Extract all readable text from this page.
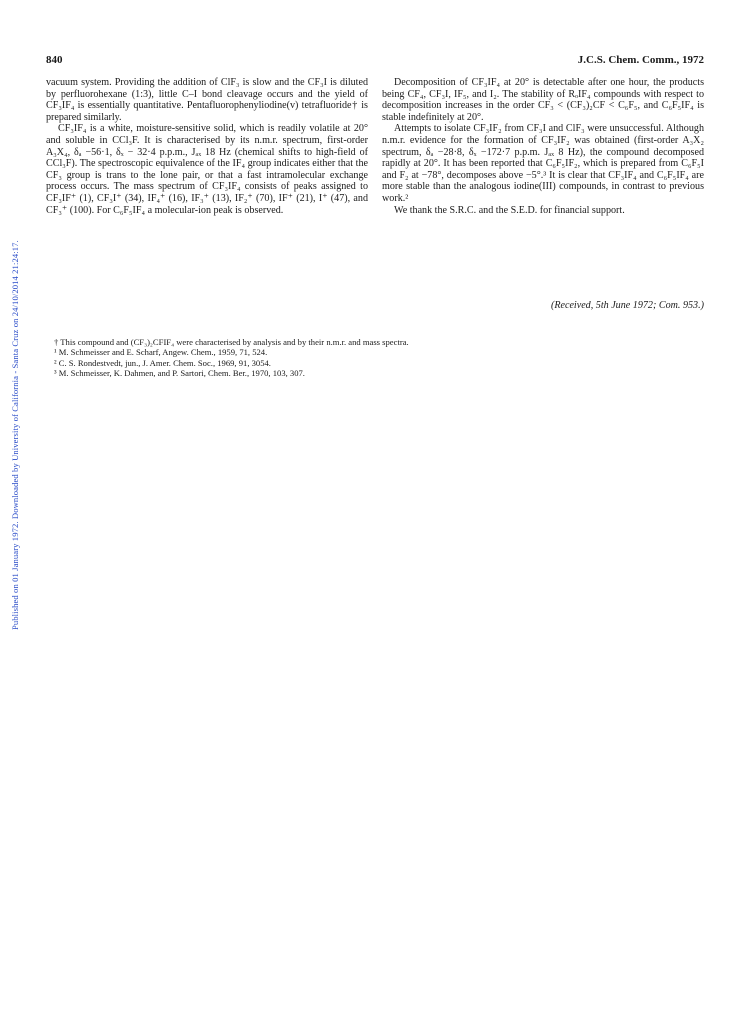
Published on 01 January 1972. Downloaded by University of California - Santa Cruz on 24/10/2014 21:24:17.
840	J.C.S. Chem. Comm., 1972

vacuum system. Providing the addition of ClF₃ is slow and the CF₃I is diluted by perfluorohexane (1:3), little C–I bond cleavage occurs and the yield of CF₃IF₄ is essentially quantitative. Pentafluorophenyliodine(v) tetrafluoride† is prepared similarly.

CF₃IF₄ is a white, moisture-sensitive solid, which is readily volatile at 20° and soluble in CCl₃F. It is characterised by its n.m.r. spectrum, first-order A₃X₄, δₐ −56·1, δₓ − 32·4 p.p.m., Jₐₓ 18 Hz (chemical shifts to high-field of CCl₃F). The spectroscopic equivalence of the IF₄ group indicates either that the CF₃ group is trans to the lone pair, or that a fast intramolecular exchange process occurs. The mass spectrum of CF₃IF₄ consists of peaks assigned to CF₃IF⁺ (1), CF₃I⁺ (34), IF₄⁺ (16), IF₃⁺ (13), IF₂⁺ (70), IF⁺ (21), I⁺ (47), and CF₃⁺ (100). For C₆F₅IF₄ a molecular-ion peak is observed.

Decomposition of CF₃IF₄ at 20° is detectable after one hour, the products being CF₄, CF₃I, IF₅, and I₂. The stability of RₒIF₄ compounds with respect to decomposition increases in the order CF₃ < (CF₃)₂CF < C₆F₅, and C₆F₅IF₄ is stable indefinitely at 20°.

Attempts to isolate CF₃IF₂ from CF₃I and ClF₃ were unsuccessful. Although n.m.r. evidence for the formation of CF₃IF₂ was obtained (first-order A₃X₂ spectrum, δₐ −28·8, δₓ −172·7 p.p.m. Jₐₓ 8 Hz), the compound decomposed rapidly at 20°. It has been reported that C₆F₅IF₂, which is prepared from C₆F₅I and F₂ at −78°, decomposes above −5°.³ It is clear that CF₃IF₄ and C₆F₅IF₄ are more stable than the analogous iodine(III) compounds, in contrast to previous work.²

We thank the S.R.C. and the S.E.D. for financial support.

(Received, 5th June 1972; Com. 953.)
† This compound and (CF₃)₂CFIF₄ were characterised by analysis and by their n.m.r. and mass spectra.
¹ M. Schmeisser and E. Scharf, Angew. Chem., 1959, 71, 524.
² C. S. Rondestvedt, jun., J. Amer. Chem. Soc., 1969, 91, 3054.
³ M. Schmeisser, K. Dahmen, and P. Sartori, Chem. Ber., 1970, 103, 307.
